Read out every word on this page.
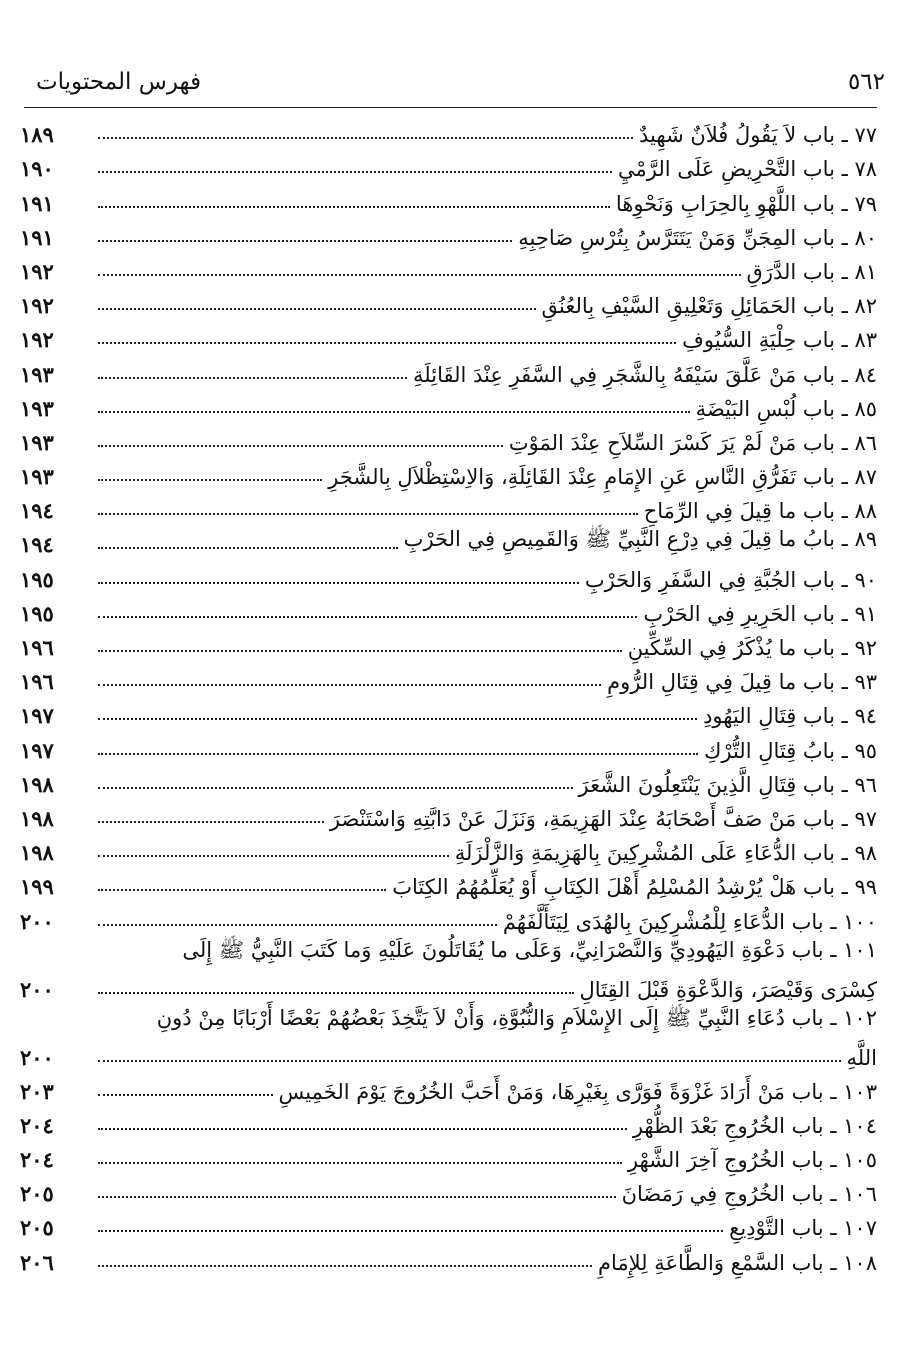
٥٦٢
فهرس المحتويات
٧٧ ـ باب لاَ يَقُولُ فُلاَنٌ شَهِيدٌ
١٨٩
٧٨ ـ باب التَّحْرِيضِ عَلَى الرَّمْيِ
١٩٠
٧٩ ـ باب اللَّهْوِ بِالحِرَابِ وَنَحْوِهَا
١٩١
٨٠ ـ باب المِجَنِّ وَمَنْ يَتَتَرَّسُ بِتُرْسِ صَاحِبِهِ
١٩١
٨١ ـ باب الدَّرَقِ
١٩٢
٨٢ ـ باب الحَمَائِلِ وَتَعْلِيقِ السَّيْفِ بِالعُنُقِ
١٩٢
٨٣ ـ باب حِلْيَةِ السُّيُوفِ
١٩٢
٨٤ ـ باب مَنْ عَلَّقَ سَيْفَهُ بِالشَّجَرِ فِي السَّفَرِ عِنْدَ القَائِلَةِ
١٩٣
٨٥ ـ باب لُبْسِ البَيْضَةِ
١٩٣
٨٦ ـ باب مَنْ لَمْ يَرَ كَسْرَ السِّلاَحِ عِنْدَ المَوْتِ
١٩٣
٨٧ ـ باب تَفَرُّقِ النَّاسِ عَنِ الإِمَامِ عِنْدَ القَائِلَةِ، وَالاِسْتِظْلاَلِ بِالشَّجَرِ
١٩٣
٨٨ ـ باب ما قِيلَ فِي الرِّمَاحِ
١٩٤
٨٩ ـ بابُ ما قِيلَ فِي دِرْعِ النَّبِيِّ ﷺ وَالقَمِيصِ فِي الحَرْبِ
١٩٤
٩٠ ـ باب الجُبَّةِ فِي السَّفَرِ وَالحَرْبِ
١٩٥
٩١ ـ باب الحَرِيرِ فِي الحَرْبِ
١٩٥
٩٢ ـ باب ما يُذْكَرُ فِي السِّكِّينِ
١٩٦
٩٣ ـ باب ما قِيلَ فِي قِتَالِ الرُّومِ
١٩٦
٩٤ ـ باب قِتَالِ اليَهُودِ
١٩٧
٩٥ ـ بابُ قِتَالِ التُّرْكِ
١٩٧
٩٦ ـ باب قِتَالِ الَّذِينَ يَنْتَعِلُونَ الشَّعَرَ
١٩٨
٩٧ ـ باب مَنْ صَفَّ أَصْحَابَهُ عِنْدَ الهَزِيمَةِ، وَنَزَلَ عَنْ دَابَّتِهِ وَاسْتَنْصَرَ
١٩٨
٩٨ ـ باب الدُّعَاءِ عَلَى المُشْرِكِينَ بِالهَزِيمَةِ وَالزَّلْزَلَةِ
١٩٨
٩٩ ـ باب هَلْ يُرْشِدُ المُسْلِمُ أَهْلَ الكِتَابِ أَوْ يُعَلِّمُهُمُ الكِتَابَ
١٩٩
١٠٠ ـ باب الدُّعَاءِ لِلْمُشْرِكِينَ بِالهُدَى لِيَتَأَلَّفَهُمْ
٢٠٠
١٠١ ـ باب دَعْوَةِ اليَهُودِيِّ وَالنَّصْرَانِيِّ، وَعَلَى ما يُقَاتَلُونَ عَلَيْهِ وَما كَتَبَ النَّبِيُّ ﷺ إِلَى
كِسْرَى وَقَيْصَرَ، وَالدَّعْوَةِ قَبْلَ القِتَالِ
٢٠٠
١٠٢ ـ باب دُعَاءِ النَّبِيِّ ﷺ إِلَى الإِسْلاَمِ وَالنُّبُوَّةِ، وَأَنْ لاَ يَتَّخِذَ بَعْضُهُمْ بَعْضًا أَرْبَابًا مِنْ دُونِ
اللَّهِ
٢٠٠
١٠٣ ـ باب مَنْ أَرَادَ غَزْوَةً فَوَرَّى بِغَيْرِهَا، وَمَنْ أَحَبَّ الخُرُوجَ يَوْمَ الخَمِيسِ
٢٠٣
١٠٤ ـ باب الخُرُوجِ بَعْدَ الظُّهْرِ
٢٠٤
١٠٥ ـ باب الخُرُوجِ آخِرَ الشَّهْرِ
٢٠٤
١٠٦ ـ باب الخُرُوجِ فِي رَمَضَانَ
٢٠٥
١٠٧ ـ باب التَّوْدِيعِ
٢٠٥
١٠٨ ـ باب السَّمْعِ وَالطَّاعَةِ لِلإِمَامِ
٢٠٦
